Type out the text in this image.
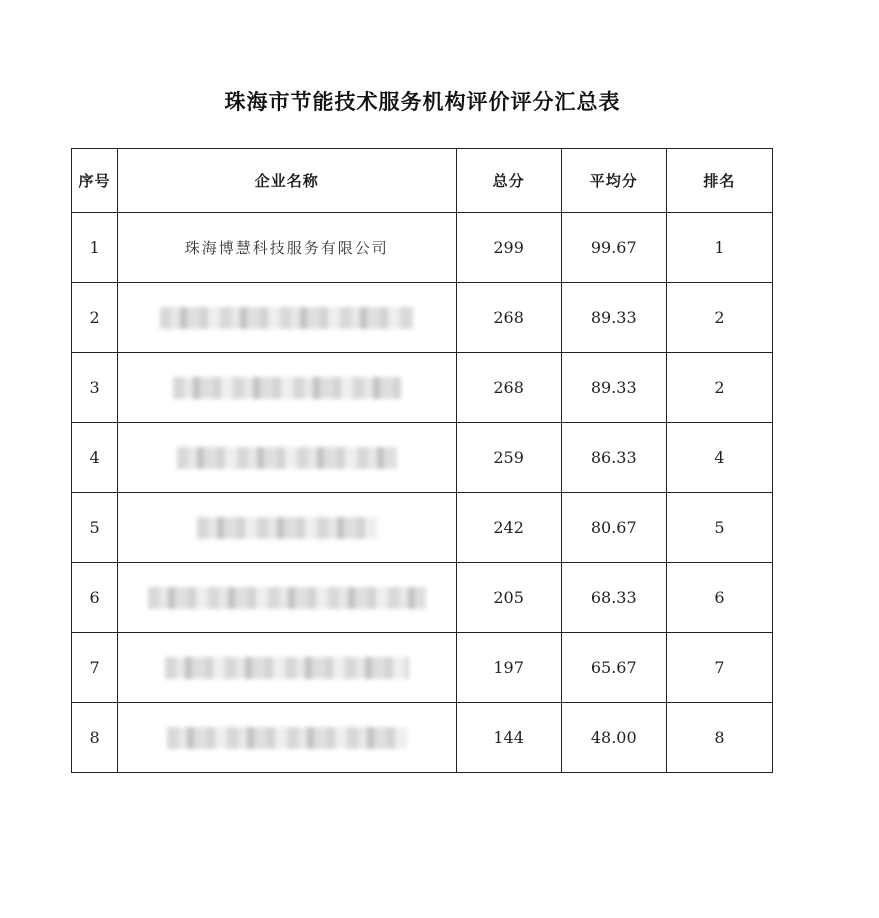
珠海市节能技术服务机构评价评分汇总表
序号	企业名称	总分	平均分	排名
1	珠海博慧科技服务有限公司	299	99.67	1
2		268	89.33	2
3		268	89.33	2
4		259	86.33	4
5		242	80.67	5
6		205	68.33	6
7		197	65.67	7
8		144	48.00	8
